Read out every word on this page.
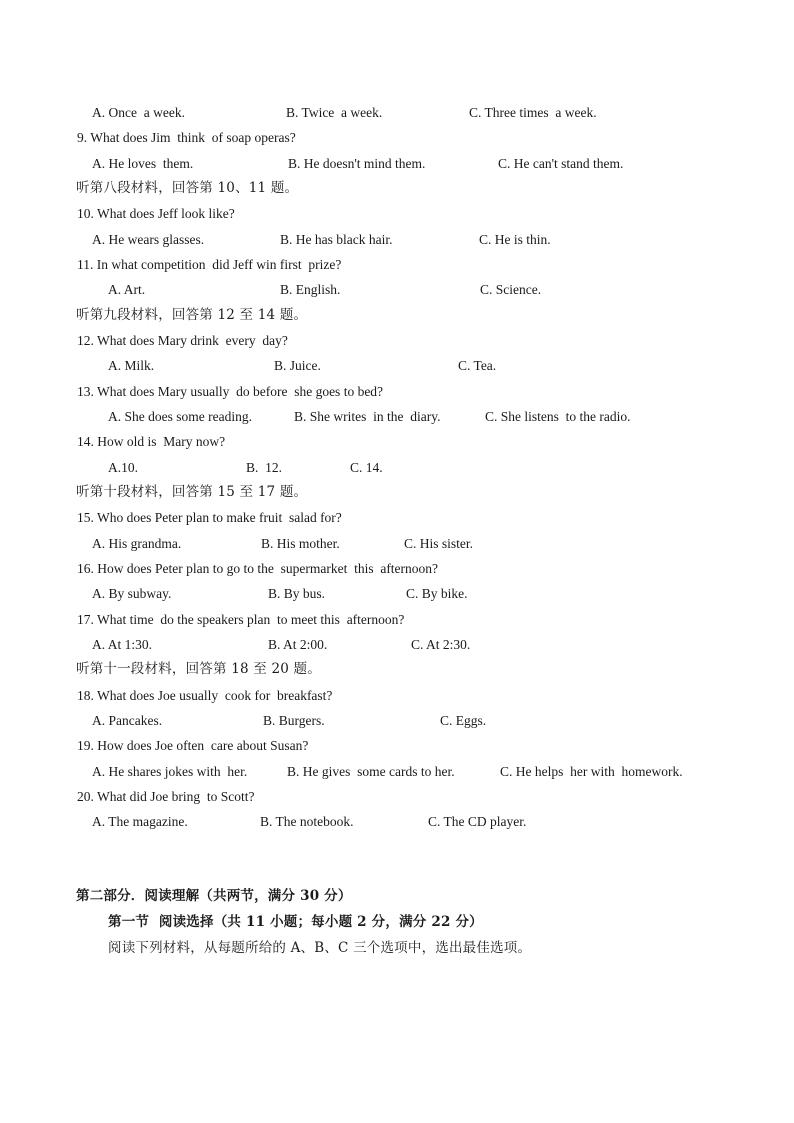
A. Once  a week.	B. Twice  a week.	C. Three times  a week.
9. What does Jim  think  of soap operas?
A. He loves  them.	B. He doesn't mind them.	C. He can't stand them.
听第八段材料，回答第 10、11 题。
10. What does Jeff look like?
A. He wears glasses.	B. He has black hair.	C. He is thin.
11. In what competition  did Jeff win first  prize?
A. Art.	B. English.	C. Science.
听第九段材料，回答第 12 至 14 题。
12. What does Mary drink  every  day?
A. Milk.	B. Juice.	C. Tea.
13. What does Mary usually  do before  she goes to bed?
A. She does some reading.	B. She writes  in the  diary.	C. She listens  to the radio.
14. How old is  Mary now?
A.10.	B.  12.	C. 14.
听第十段材料，回答第 15 至 17 题。
15. Who does Peter plan to make fruit  salad for?
A. His grandma.	B. His mother.	C. His sister.
16. How does Peter plan to go to the  supermarket  this  afternoon?
A. By subway.	B. By bus.	C. By bike.
17. What time  do the speakers plan  to meet this  afternoon?
A. At 1:30.	B. At 2:00.	C. At 2:30.
听第十一段材料，回答第 18 至 20 题。
18. What does Joe usually  cook for  breakfast?
A. Pancakes.	B. Burgers.	C. Eggs.
19. How does Joe often  care about Susan?
A. He shares jokes with  her.	B. He gives  some cards to her.	C. He helps  her with  homework.
20. What did Joe bring  to Scott?
A. The magazine.	B. The notebook.	C. The CD player.
第二部分．阅读理解（共两节，满分 30 分）
第一节  阅读选择（共 11 小题；每小题 2 分，满分 22 分）
阅读下列材料，从每题所给的 A、B、C 三个选项中，选出最佳选项。
